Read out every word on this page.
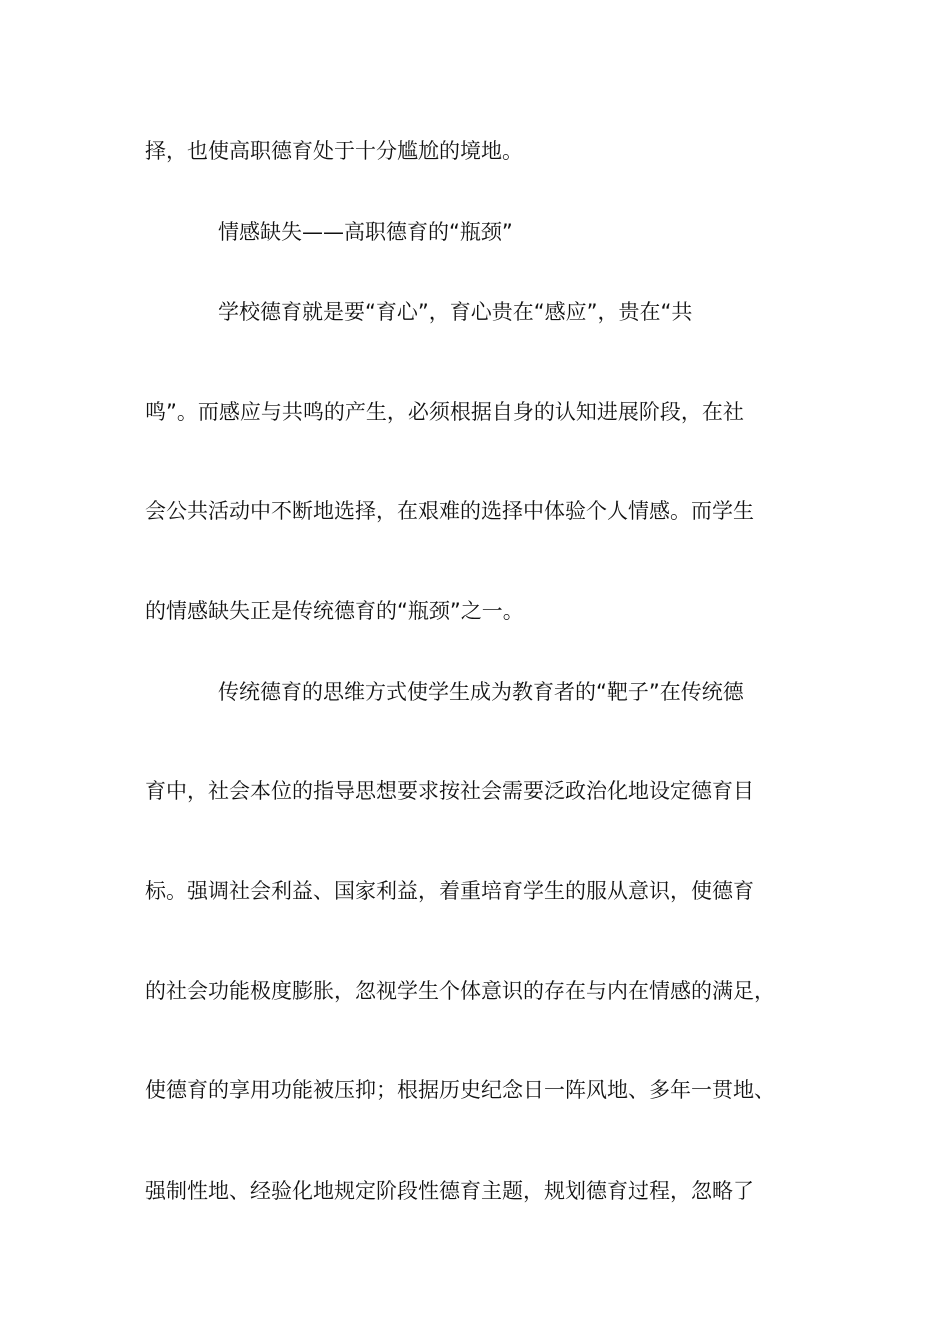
择，也使高职德育处于十分尴尬的境地。
情感缺失——高职德育的“瓶颈”
学校德育就是要“育心”，育心贵在“感应”，贵在“共
鸣”。而感应与共鸣的产生，必须根据自身的认知进展阶段，在社
会公共活动中不断地选择，在艰难的选择中体验个人情感。而学生
的情感缺失正是传统德育的“瓶颈”之一。
传统德育的思维方式使学生成为教育者的“靶子”在传统德
育中，社会本位的指导思想要求按社会需要泛政治化地设定德育目
标。强调社会利益、国家利益，着重培育学生的服从意识，使德育
的社会功能极度膨胀，忽视学生个体意识的存在与内在情感的满足，
使德育的享用功能被压抑；根据历史纪念日一阵风地、多年一贯地、
强制性地、经验化地规定阶段性德育主题，规划德育过程，忽略了
